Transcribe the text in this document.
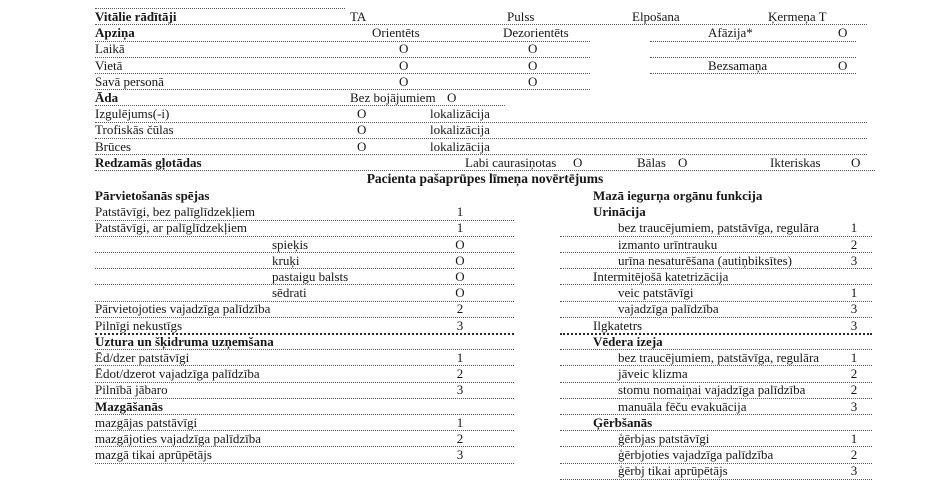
Vitālie rādītāji	TA	Pulss	Elpošana	Ķermeņa T
Apziņa	Orientēts	Dezorientēts	Afāzija*	O
Laikā	O	O
Vietā	O	O	Bezsamaņa	O
Savā personā	O	O
Āda	Bez bojājumiem O
Izgulējums(-i)	O	lokalizācija
Trofiskās čūlas	O	lokalizācija
Brūces	O	lokalizācija
Redzamās gļotādas	Labi caurasiņotas O	Bālas O	Ikteriskas O
Pacienta pašaprūpes līmeņa novērtējums
Pārvietošanās spējas
Patstāvīgi, bez palīglīdzekļiem	1
Patstāvīgi, ar palīglīdzekļiem	1
spieķis	O
kruķi	O
pastaigu balsts	O
sēdrati	O
Pārvietojoties vajadzīga palīdzība	2
Pilnīgi nekustīgs	3
Uztura un šķidruma uzņemšana
Ēd/dzer patstāvīgi	1
Ēdot/dzerot vajadzīga palīdzība	2
Pilnībā jābaro	3
Mazgāšanās
mazgājas patstāvīgi	1
mazgājoties vajadzīga palīdzība	2
mazgā tikai aprūpētājs	3
Mazā iegurņa orgānu funkcija
Urinācija
bez traucējumiem, patstāvīga, regulāra	1
izmanto urīntrauku	2
urīna nesaturēšana (autiņbiksītes)	3
Intermitējošā katetrizācija
veic patstāvīgi	1
vajadzīga palīdzība	3
Ilgkatetrs	3
Vēdera izeja
bez traucējumiem, patstāvīga, regulāra	1
jāveic klizma	2
stomu nomaiņai vajadzīga palīdzība	2
manuāla fēču evakuācija	3
Ģērbšanās
ģērbjas patstāvīgi	1
ģērbjoties vajadzīga palīdzība	2
ģērbj tikai aprūpētājs	3
